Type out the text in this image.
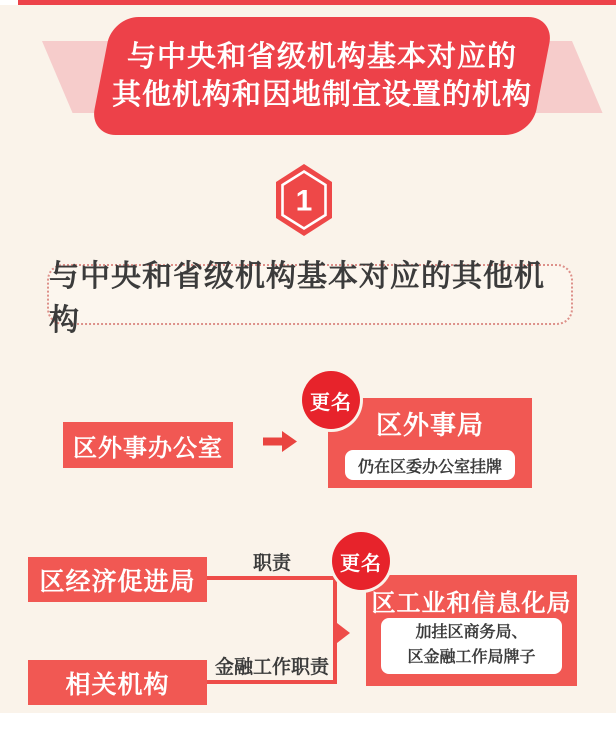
与中央和省级机构基本对应的
其他机构和因地制宜设置的机构
1
与中央和省级机构基本对应的其他机构
区外事办公室
区外事局
仍在区委办公室挂牌
更名
区经济促进局
相关机构
职责
金融工作职责
区工业和信息化局
加挂区商务局、
区金融工作局牌子
更名
